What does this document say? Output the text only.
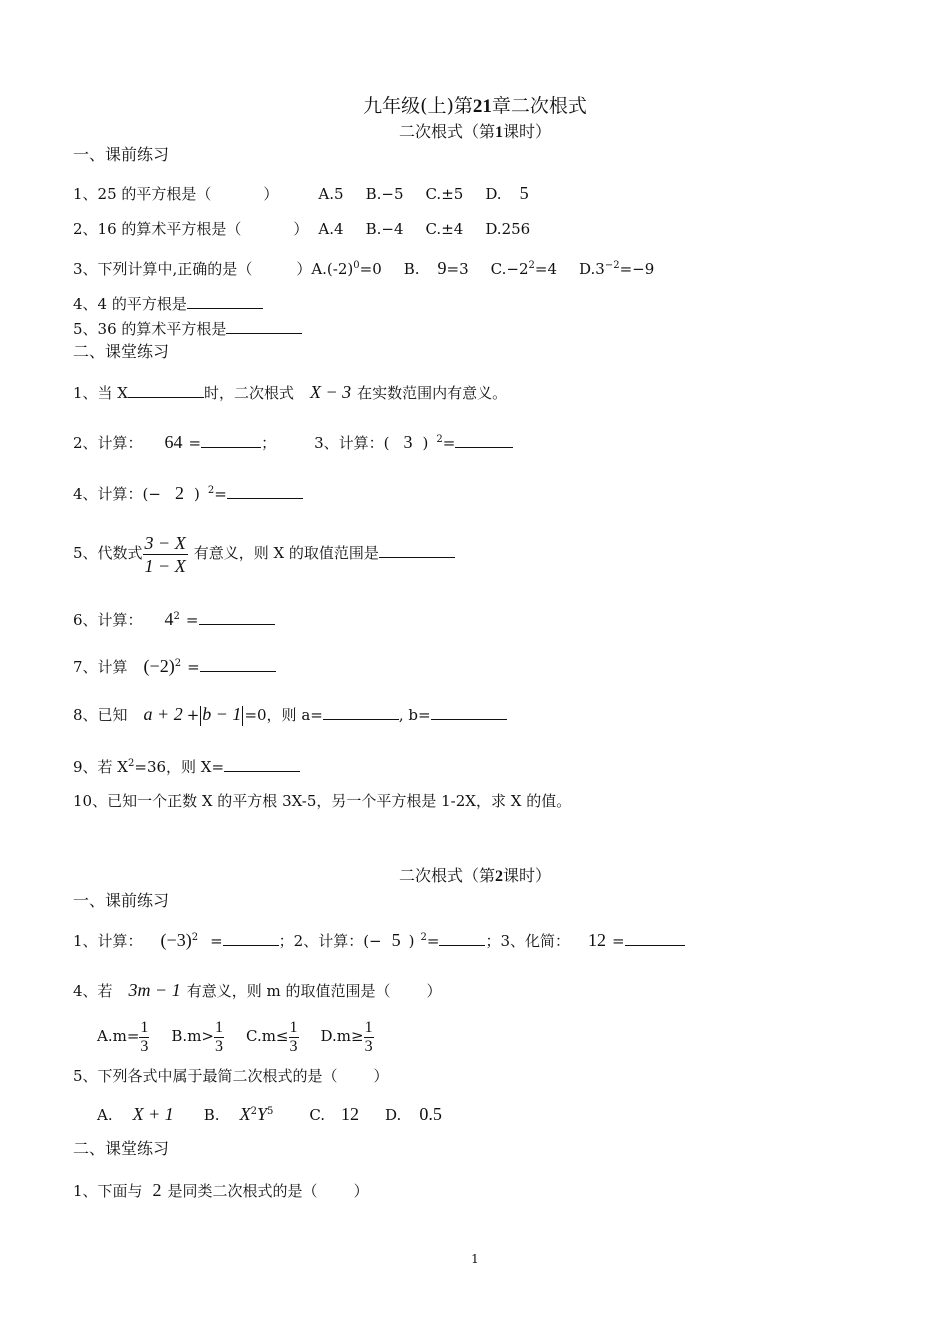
九年级(上)第21章二次根式
二次根式（第1课时）
一、课前练习
1、25 的平方根是（	）	A.5 B.−5 C.±5 D. 5
2、16 的算术平方根是（	） A.4 B.−4 C.±4 D.256
3、下列计算中,正确的是（	）$A.(-2)^0=0$ B. 9=3 $C.-2^2=4$ $D.3^{-2}=-9$
4、4 的平方根是
5、36 的算术平方根是
二、课堂练习
1、当 X	时，二次根式 X − 3 在实数范围内有意义。
2、计算： 64 =	；	3、计算：( 3 ) $^2$=
4、计算：(− 2 ) $^2$=
5、代数式 $\frac{3 - X}{1 - X}$ 有意义，则 X 的取值范围是
6、计算： $4^2$ =
7、计算 $(-2)^2$ =
8、已知 a + 2 + b − 1 =0，则 a=	, b=
9、若 $X^2=36$，则 X=
10、已知一个正数 X 的平方根 3X-5，另一个平方根是 1-2X，求 X 的值。
二次根式（第2课时）
一、课前练习
1、计算： $(-3)^2$ =	；2、计算：(− 5 ) $^2$=	；3、化简： 12 =
4、若 3m − 1 有意义，则 m 的取值范围是（ ）
$A.m= \frac{1}{3} B.m> \frac{1}{3} C.m\le \frac{1}{3} D.m\ge \frac{1}{3}$
5、下列各式中属于最简二次根式的是（ ）
A. X + 1 B. $X^2Y^5$ C. 12 D. 0.5
二、课堂练习
1、下面与 2 是同类二次根式的是（ ）
1
